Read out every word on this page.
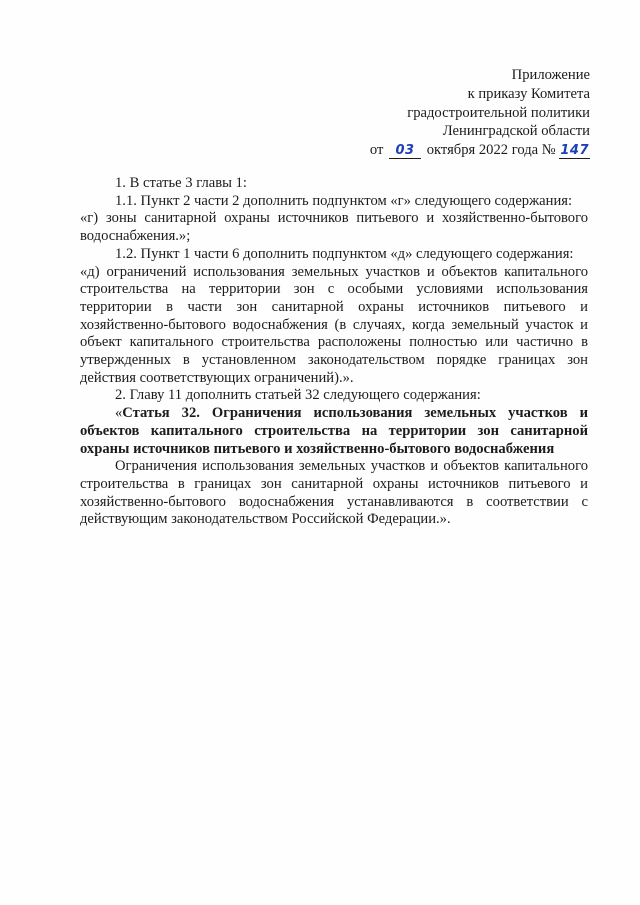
Приложение
к приказу Комитета
градостроительной политики
Ленинградской области
от 03 октября 2022 года № 147

1. В статье 3 главы 1:

1.1. Пункт 2 части 2 дополнить подпунктом «г» следующего содержания:

«г) зоны санитарной охраны источников питьевого и хозяйственно-бытового водоснабжения.»;

1.2. Пункт 1 части 6 дополнить подпунктом «д» следующего содержания:

«д) ограничений использования земельных участков и объектов капитального строительства на территории зон с особыми условиями использования территории в части зон санитарной охраны источников питьевого и хозяйственно-бытового водоснабжения (в случаях, когда земельный участок и объект капитального строительства расположены полностью или частично в утвержденных в установленном законодательством порядке границах зон действия соответствующих ограничений).».

2. Главу 11 дополнить статьей 32 следующего содержания:

«Статья 32. Ограничения использования земельных участков и объектов капитального строительства на территории зон санитарной охраны источников питьевого и хозяйственно-бытового водоснабжения

Ограничения использования земельных участков и объектов капитального строительства в границах зон санитарной охраны источников питьевого и хозяйственно-бытового водоснабжения устанавливаются в соответствии с действующим законодательством Российской Федерации.».
